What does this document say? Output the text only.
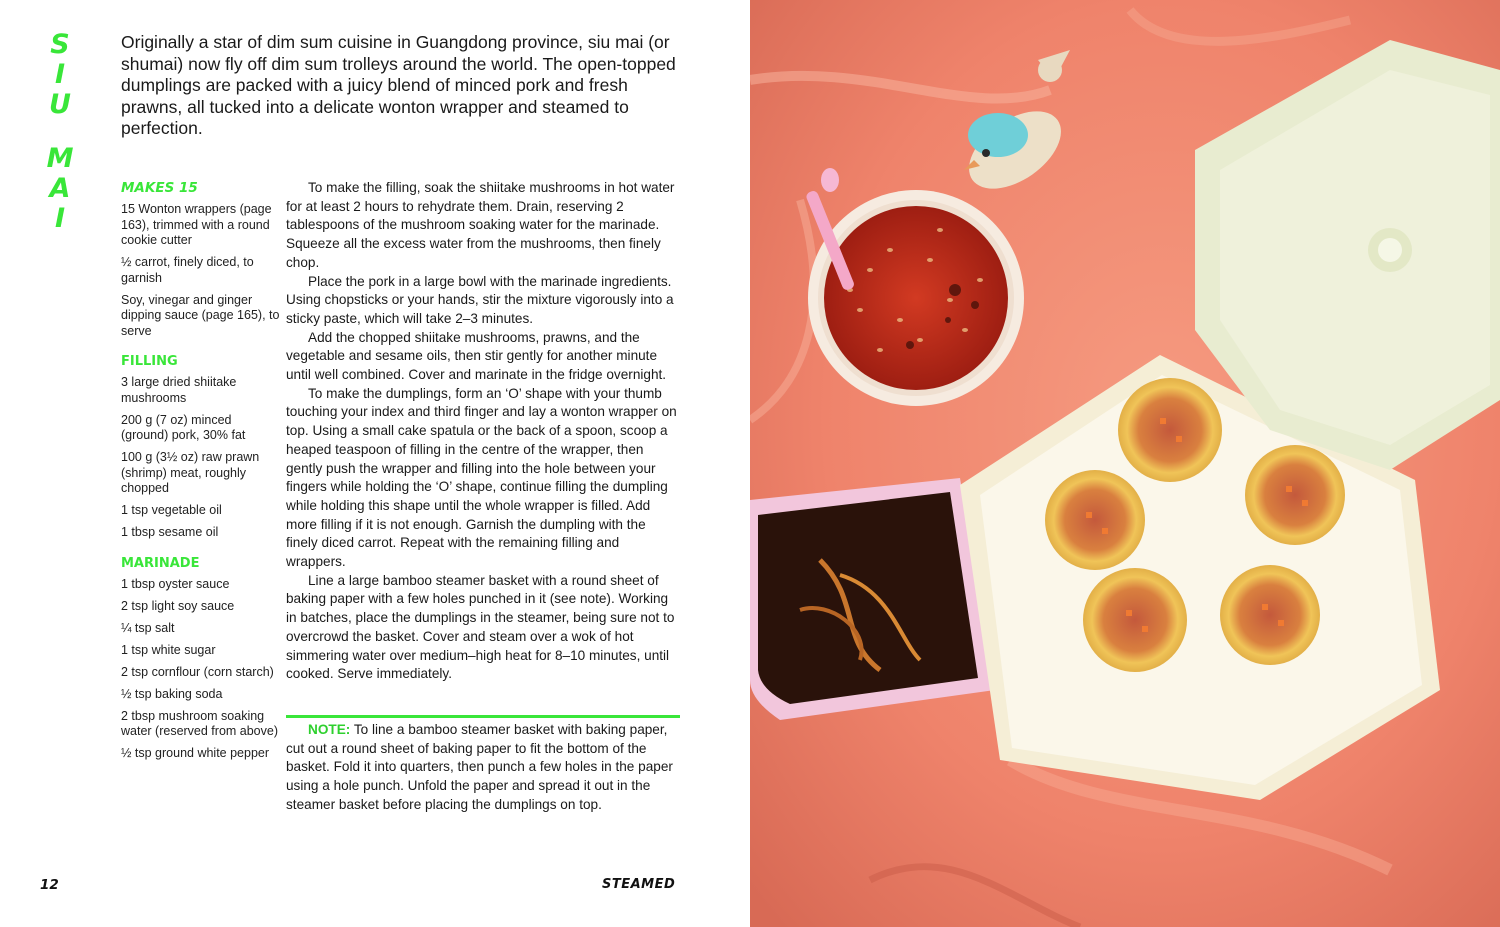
S
I
U
M
A
I

Originally a star of dim sum cuisine in Guangdong province, siu mai (or shumai) now fly off dim sum trolleys around the world. The open-topped dumplings are packed with a juicy blend of minced pork and fresh prawns, all tucked into a delicate wonton wrapper and steamed to perfection.

MAKES 15
15 Wonton wrappers (page 163), trimmed with a round cookie cutter
½ carrot, finely diced, to garnish
Soy, vinegar and ginger dipping sauce (page 165), to serve
FILLING
3 large dried shiitake mushrooms
200 g (7 oz) minced (ground) pork, 30% fat
100 g (3½ oz) raw prawn (shrimp) meat, roughly chopped
1 tsp vegetable oil
1 tbsp sesame oil
MARINADE
1 tbsp oyster sauce
2 tsp light soy sauce
¼ tsp salt
1 tsp white sugar
2 tsp cornflour (corn starch)
½ tsp baking soda
2 tbsp mushroom soaking water (reserved from above)
½ tsp ground white pepper

To make the filling, soak the shiitake mushrooms in hot water for at least 2 hours to rehydrate them. Drain, reserving 2 tablespoons of the mushroom soaking water for the marinade. Squeeze all the excess water from the mushrooms, then finely chop.

Place the pork in a large bowl with the marinade ingredients. Using chopsticks or your hands, stir the mixture vigorously into a sticky paste, which will take 2–3 minutes.

Add the chopped shiitake mushrooms, prawns, and the vegetable and sesame oils, then stir gently for another minute until well combined. Cover and marinate in the fridge overnight.

To make the dumplings, form an ‘O’ shape with your thumb touching your index and third finger and lay a wonton wrapper on top. Using a small cake spatula or the back of a spoon, scoop a heaped teaspoon of filling in the centre of the wrapper, then gently push the wrapper and filling into the hole between your fingers while holding the ‘O’ shape, continue filling the dumpling while holding this shape until the whole wrapper is filled. Add more filling if it is not enough. Garnish the dumpling with the finely diced carrot. Repeat with the remaining filling and wrappers.

Line a large bamboo steamer basket with a round sheet of baking paper with a few holes punched in it (see note). Working in batches, place the dumplings in the steamer, being sure not to overcrowd the basket. Cover and steam over a wok of hot simmering water over medium–high heat for 8–10 minutes, until cooked. Serve immediately.

NOTE: To line a bamboo steamer basket with baking paper, cut out a round sheet of baking paper to fit the bottom of the basket. Fold it into quarters, then punch a few holes in the paper using a hole punch. Unfold the paper and spread it out in the steamer basket before placing the dumplings on top.

12	STEAMED
